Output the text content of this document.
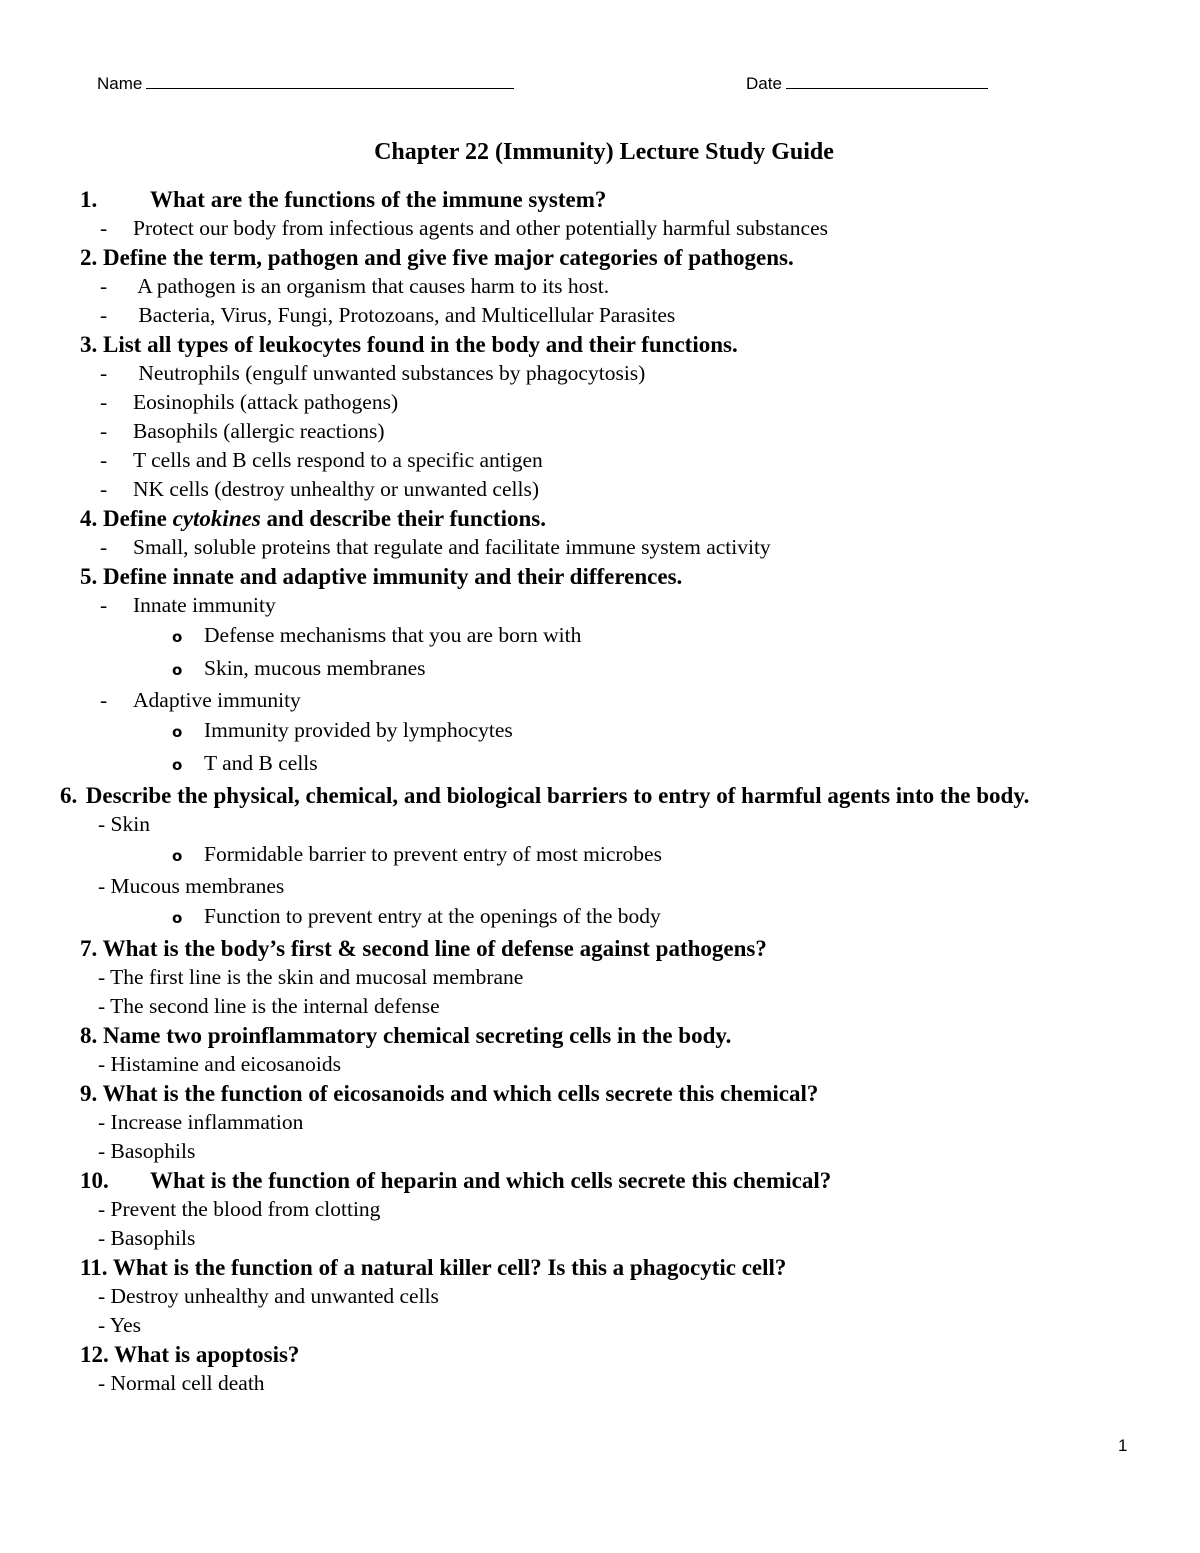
Name	Date
Chapter 22 (Immunity) Lecture Study Guide
1. What are the functions of the immune system?
- Protect our body from infectious agents and other potentially harmful substances
2. Define the term, pathogen and give five major categories of pathogens.
- A pathogen is an organism that causes harm to its host.
- Bacteria, Virus, Fungi, Protozoans, and Multicellular Parasites
3. List all types of leukocytes found in the body and their functions.
- Neutrophils (engulf unwanted substances by phagocytosis)
- Eosinophils (attack pathogens)
- Basophils (allergic reactions)
- T cells and B cells respond to a specific antigen
- NK cells (destroy unhealthy or unwanted cells)
4. Define cytokines and describe their functions.
- Small, soluble proteins that regulate and facilitate immune system activity
5. Define innate and adaptive immunity and their differences.
- Innate immunity
o Defense mechanisms that you are born with
o Skin, mucous membranes
- Adaptive immunity
o Immunity provided by lymphocytes
o T and B cells
6. Describe the physical, chemical, and biological barriers to entry of harmful agents into the body.
- Skin
o Formidable barrier to prevent entry of most microbes
- Mucous membranes
o Function to prevent entry at the openings of the body
7. What is the body’s first & second line of defense against pathogens?
- The first line is the skin and mucosal membrane
- The second line is the internal defense
8. Name two proinflammatory chemical secreting cells in the body.
- Histamine and eicosanoids
9. What is the function of eicosanoids and which cells secrete this chemical?
- Increase inflammation
- Basophils
10. What is the function of heparin and which cells secrete this chemical?
- Prevent the blood from clotting
- Basophils
11. What is the function of a natural killer cell? Is this a phagocytic cell?
- Destroy unhealthy and unwanted cells
- Yes
12. What is apoptosis?
- Normal cell death
1
